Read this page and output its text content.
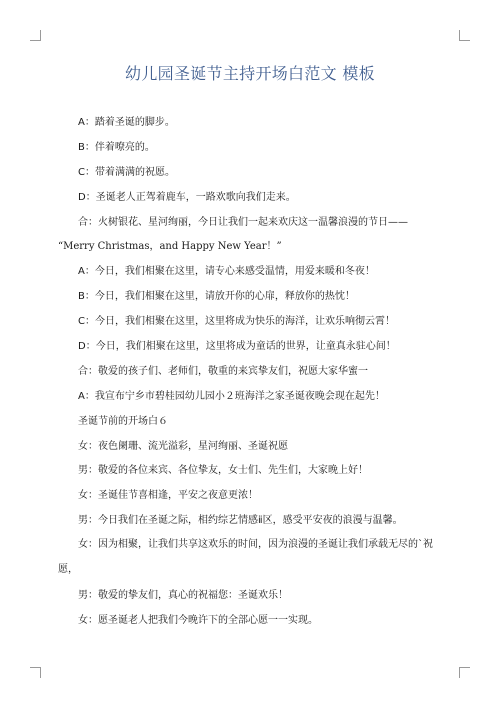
幼儿园圣诞节主持开场白范文 模板
A：踏着圣诞的脚步。
B：伴着嘹亮的。
C：带着满满的祝愿。
D：圣诞老人正驾着鹿车，一路欢歌向我们走来。
合：火树银花、星河绚丽，今日让我们一起来欢庆这一温馨浪漫的节日——
“Merry Christmas，and Happy New Year！”
A：今日，我们相聚在这里，请专心来感受温情，用爱来暖和冬夜！
B：今日，我们相聚在这里，请放开你的心扉，释放你的热忱！
C：今日，我们相聚在这里，这里将成为快乐的海洋，让欢乐响彻云霄！
D：今日，我们相聚在这里，这里将成为童话的世界，让童真永驻心间！
合：敬爱的孩子们、老师们，敬重的来宾挚友们，祝愿大家华蜜一
A：我宣布宁乡市碧桂园幼儿园小２班海洋之家圣诞夜晚会现在起先！
圣诞节前的开场白６
女：夜色阑珊、流光溢彩，星河绚丽、圣诞祝愿
男：敬爱的各位来宾、各位挚友，女士们、先生们，大家晚上好！
女：圣诞佳节喜相逢，平安之夜意更浓！
男：今日我们在圣诞之际，相约综艺情感ⅱ区，感受平安夜的浪漫与温馨。
女：因为相聚，让我们共享这欢乐的时间，因为浪漫的圣诞让我们承载无尽的`祝愿，
男：敬爱的挚友们，真心的祝福您：圣诞欢乐！
女：愿圣诞老人把我们今晚许下的全部心愿一一实现。
